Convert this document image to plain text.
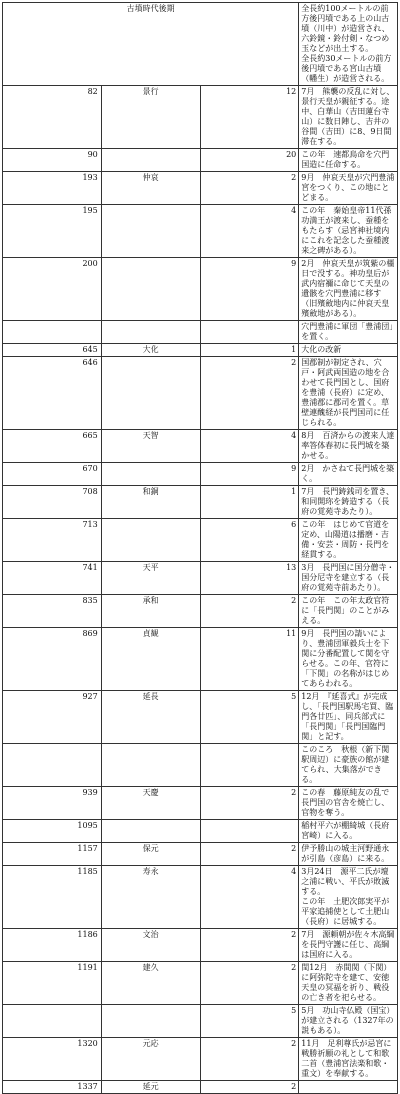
古墳時代後期			全長約100メートルの前方後円墳である上の山古墳（川中）が造営され、六鈴鏡・鈴付剣・なつめ玉などが出土する。
全長約30メートルの前方後円墳である宮山古墳（幡生）が造営される。

82	景行	12	7月　熊襲の反乱に対し、景行天皇が親征する。途中、白華山（吉田蓮台寺山）に数日陣し、吉井の谷間（吉田）に8、9日間滞在する。

90		20	この年　速都鳥命を穴門国造に任命する。

193	仲哀	2	9月　仲哀天皇が穴門豊浦宮をつくり、この地にとどまる。

195		4	この年　秦始皇帝11代孫功満王が渡来し、蚕種をもたらす（忌宮神社境内にこれを記念した蚕種渡来之碑がある）。

200		9	2月　仲哀天皇が筑紫の橿日で没する。神功皇后が武内宿禰に命じて天皇の遺骸を穴門豊浦に移す（旧殯斂地内に仲哀天皇殯斂地がある）。

			穴門豊浦に軍団「豊浦団」を置く。

645	大化	1	大化の改新

646		2	国郡制が制定され、穴戸・阿武両国造の地を合わせて長門国とし、国府を豊浦（長府）に定め、豊浦郡に郡司を置く。草壁連醜経が長門国司に任じられる。

665	天智	4	8月　百済からの渡来人達率答体春初に長門城を築かせる。

670		9	2月　かさねて長門城を築く。

708	和銅	1	7月　長門鋳銭司を置き、和同開珎を鋳造する（長府の覚苑寺あたり）。

713		6	この年　はじめて官道を定め、山陽道は播磨・吉備・安芸・周防・長門を経貫する。

741	天平	13	3月　長門国に国分僧寺・国分尼寺を建立する（長府の覚苑寺前あたり）。

835	承和	2	この年　この年太政官符に「長門関」のことがみえる。

869	貞観	11	9月　長門国の請いにより、豊浦団軍毅兵士を下関に分番配置して関を守らせる。この年、官符に「下関」の名称がはじめてあらわれる。

927	延長	5	12月　『延喜式』が完成し、「長門国駅馬宅買、臨門各廿匹」、同兵部式に「長門関」「長門国臨門関」と記す。

			このころ　秋根（新下関駅周辺）に豪族の館が建てられ、大集落ができる。

939	天慶	2	この春　藤原純友の乱で長門国の官舎を焼亡し、官物を奪う。

1095			稲村平六が棚綺城（長府宮崎）に入る。

1157	保元	2	伊予勝山の城主河野通永が引島（彦島）に来る。

1185	寿永	4	3月24日　源平二氏が壇之浦に戦い、平氏が敗滅する。
この年　土肥次郎実平が平家追捕使として土肥山（長府）に居城する。

1186	文治	2	7月　源頼朝が佐々木高綱を長門守護に任じ、高綱は国府に入る。

1191	建久	2	閏12月　赤間関（下関）に阿弥陀寺を建て、安徳天皇の冥福を祈り、戦役の亡き者を祀らせる。

		5	5月　功山寺仏殿（国宝）が建立される（1327年の説もある）。

1320	元応	2	11月　足利尊氏が忌宮に戦勝祈願の礼として和歌二首（豊浦宮法楽和歌・重文）を奉献する。

1337	延元	2	
